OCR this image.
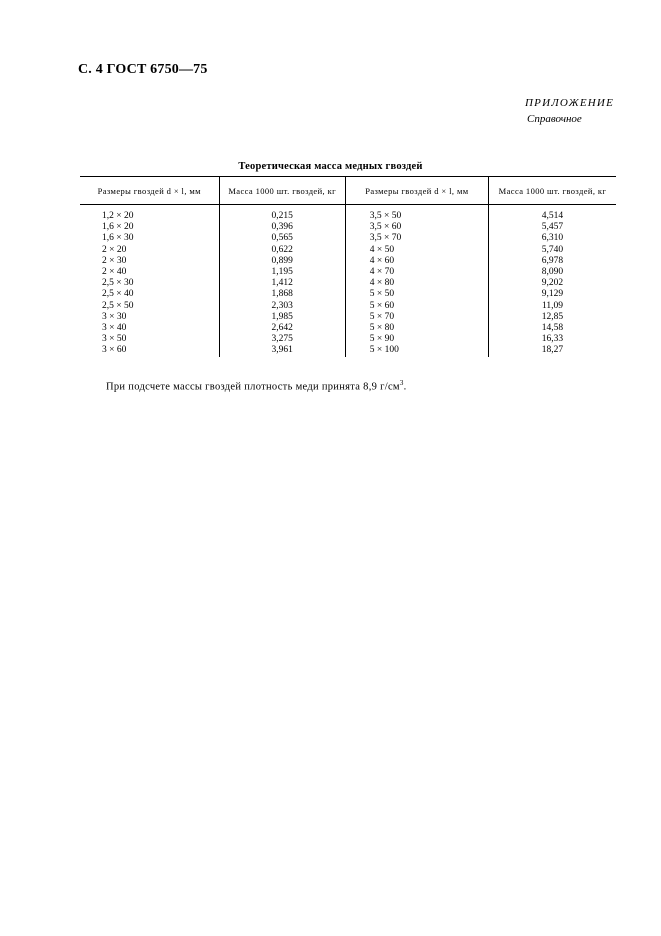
С. 4 ГОСТ 6750—75
ПРИЛОЖЕНИЕ
Справочное
Теоретическая масса медных гвоздей
Размеры гвоздей d × l, мм	Масса 1000 шт. гвоздей, кг	Размеры гвоздей d × l, мм	Масса 1000 шт. гвоздей, кг
1,2 × 20	0,215	3,5 × 50	4,514
1,6 × 20	0,396	3,5 × 60	5,457
1,6 × 30	0,565	3,5 × 70	6,310
2 × 20	0,622	4 × 50	5,740
2 × 30	0,899	4 × 60	6,978
2 × 40	1,195	4 × 70	8,090
2,5 × 30	1,412	4 × 80	9,202
2,5 × 40	1,868	5 × 50	9,129
2,5 × 50	2,303	5 × 60	11,09
3 × 30	1,985	5 × 70	12,85
3 × 40	2,642	5 × 80	14,58
3 × 50	3,275	5 × 90	16,33
3 × 60	3,961	5 × 100	18,27
При подсчете массы гвоздей плотность меди принята 8,9 $г/см^3$.
